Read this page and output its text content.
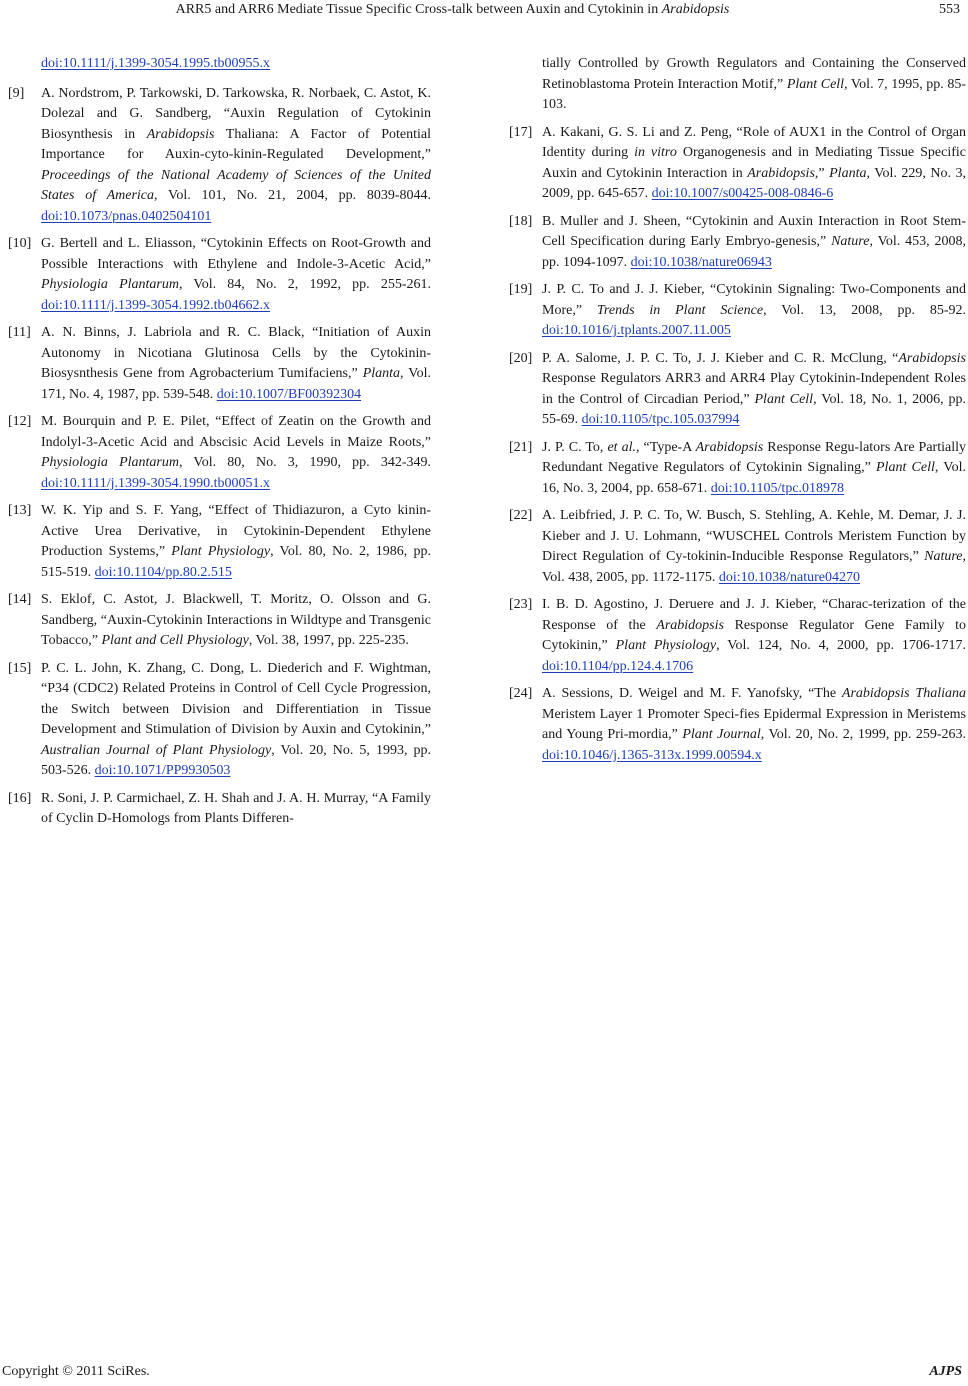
ARR5 and ARR6 Mediate Tissue Specific Cross-talk between Auxin and Cytokinin in Arabidopsis	553
doi:10.1111/j.1399-3054.1995.tb00955.x
[9] A. Nordstrom, P. Tarkowski, D. Tarkowska, R. Norbaek, C. Astot, K. Dolezal and G. Sandberg, “Auxin Regulation of Cytokinin Biosynthesis in Arabidopsis Thaliana: A Factor of Potential Importance for Auxin-cyto-kinin-Regulated Development,” Proceedings of the National Academy of Sciences of the United States of America, Vol. 101, No. 21, 2004, pp. 8039-8044. doi:10.1073/pnas.0402504101
[10] G. Bertell and L. Eliasson, “Cytokinin Effects on Root-Growth and Possible Interactions with Ethylene and Indole-3-Acetic Acid,” Physiologia Plantarum, Vol. 84, No. 2, 1992, pp. 255-261. doi:10.1111/j.1399-3054.1992.tb04662.x
[11] A. N. Binns, J. Labriola and R. C. Black, “Initiation of Auxin Autonomy in Nicotiana Glutinosa Cells by the Cytokinin-Biosysnthesis Gene from Agrobacterium Tumifaciens,” Planta, Vol. 171, No. 4, 1987, pp. 539-548. doi:10.1007/BF00392304
[12] M. Bourquin and P. E. Pilet, “Effect of Zeatin on the Growth and Indolyl-3-Acetic Acid and Abscisic Acid Levels in Maize Roots,” Physiologia Plantarum, Vol. 80, No. 3, 1990, pp. 342-349. doi:10.1111/j.1399-3054.1990.tb00051.x
[13] W. K. Yip and S. F. Yang, “Effect of Thidiazuron, a Cyto kinin-Active Urea Derivative, in Cytokinin-Dependent Ethylene Production Systems,” Plant Physiology, Vol. 80, No. 2, 1986, pp. 515-519. doi:10.1104/pp.80.2.515
[14] S. Eklof, C. Astot, J. Blackwell, T. Moritz, O. Olsson and G. Sandberg, “Auxin-Cytokinin Interactions in Wildtype and Transgenic Tobacco,” Plant and Cell Physiology, Vol. 38, 1997, pp. 225-235.
[15] P. C. L. John, K. Zhang, C. Dong, L. Diederich and F. Wightman, “P34 (CDC2) Related Proteins in Control of Cell Cycle Progression, the Switch between Division and Differentiation in Tissue Development and Stimulation of Division by Auxin and Cytokinin,” Australian Journal of Plant Physiology, Vol. 20, No. 5, 1993, pp. 503-526. doi:10.1071/PP9930503
[16] R. Soni, J. P. Carmichael, Z. H. Shah and J. A. H. Murray, “A Family of Cyclin D-Homologs from Plants Differen-
tially Controlled by Growth Regulators and Containing the Conserved Retinoblastoma Protein Interaction Motif,” Plant Cell, Vol. 7, 1995, pp. 85-103.
[17] A. Kakani, G. S. Li and Z. Peng, “Role of AUX1 in the Control of Organ Identity during in vitro Organogenesis and in Mediating Tissue Specific Auxin and Cytokinin Interaction in Arabidopsis,” Planta, Vol. 229, No. 3, 2009, pp. 645-657. doi:10.1007/s00425-008-0846-6
[18] B. Muller and J. Sheen, “Cytokinin and Auxin Interaction in Root Stem-Cell Specification during Early Embryo-genesis,” Nature, Vol. 453, 2008, pp. 1094-1097. doi:10.1038/nature06943
[19] J. P. C. To and J. J. Kieber, “Cytokinin Signaling: Two-Components and More,” Trends in Plant Science, Vol. 13, 2008, pp. 85-92. doi:10.1016/j.tplants.2007.11.005
[20] P. A. Salome, J. P. C. To, J. J. Kieber and C. R. McClung, “Arabidopsis Response Regulators ARR3 and ARR4 Play Cytokinin-Independent Roles in the Control of Circadian Period,” Plant Cell, Vol. 18, No. 1, 2006, pp. 55-69. doi:10.1105/tpc.105.037994
[21] J. P. C. To, et al., “Type-A Arabidopsis Response Regu-lators Are Partially Redundant Negative Regulators of Cytokinin Signaling,” Plant Cell, Vol. 16, No. 3, 2004, pp. 658-671. doi:10.1105/tpc.018978
[22] A. Leibfried, J. P. C. To, W. Busch, S. Stehling, A. Kehle, M. Demar, J. J. Kieber and J. U. Lohmann, “WUSCHEL Controls Meristem Function by Direct Regulation of Cy-tokinin-Inducible Response Regulators,” Nature, Vol. 438, 2005, pp. 1172-1175. doi:10.1038/nature04270
[23] I. B. D. Agostino, J. Deruere and J. J. Kieber, “Charac-terization of the Response of the Arabidopsis Response Regulator Gene Family to Cytokinin,” Plant Physiology, Vol. 124, No. 4, 2000, pp. 1706-1717. doi:10.1104/pp.124.4.1706
[24] A. Sessions, D. Weigel and M. F. Yanofsky, “The Arabidopsis Thaliana Meristem Layer 1 Promoter Speci-fies Epidermal Expression in Meristems and Young Pri-mordia,” Plant Journal, Vol. 20, No. 2, 1999, pp. 259-263. doi:10.1046/j.1365-313x.1999.00594.x
Copyright © 2011 SciRes.	AJPS
